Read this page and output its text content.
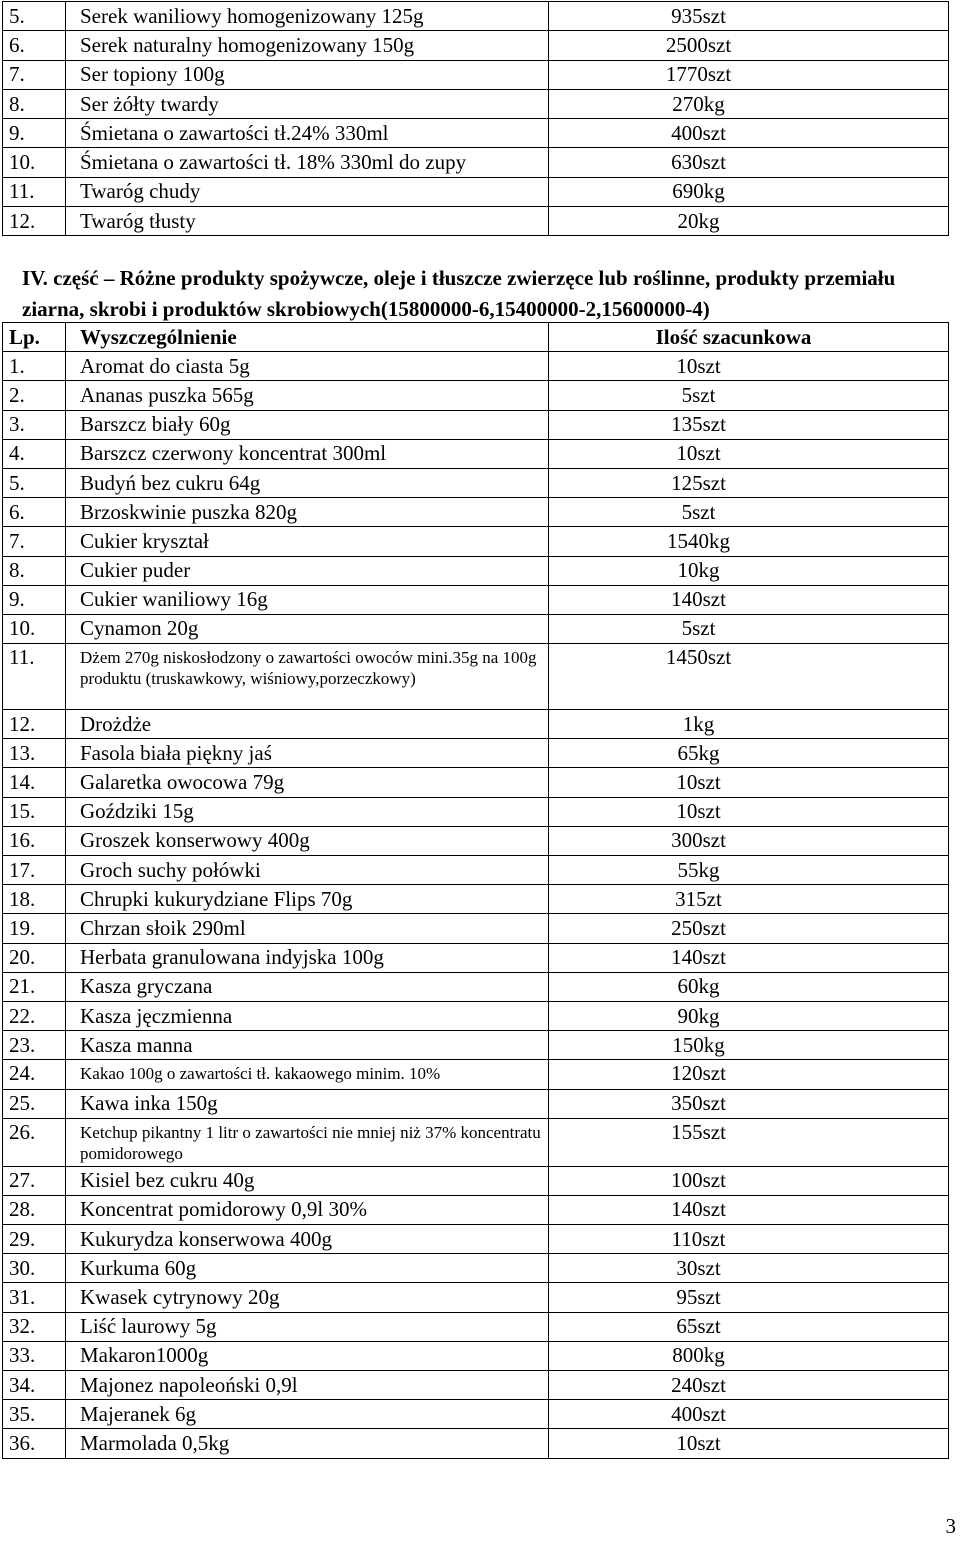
5.	Serek waniliowy homogenizowany 125g	935szt
6.	Serek naturalny homogenizowany 150g	2500szt
7.	Ser topiony 100g	1770szt
8.	Ser żółty twardy	270kg
9.	Śmietana o zawartości tł.24% 330ml	400szt
10.	Śmietana o zawartości tł. 18% 330ml do zupy	630szt
11.	Twaróg chudy	690kg
12.	Twaróg tłusty	20kg
IV. część – Różne produkty spożywcze, oleje i tłuszcze zwierzęce lub roślinne, produkty przemiału ziarna, skrobi i produktów skrobiowych(15800000-6,15400000-2,15600000-4)
Lp.	Wyszczególnienie	Ilość szacunkowa
1.	Aromat do ciasta 5g	10szt
2.	Ananas puszka 565g	5szt
3.	Barszcz biały 60g	135szt
4.	Barszcz czerwony koncentrat 300ml	10szt
5.	Budyń bez cukru 64g	125szt
6.	Brzoskwinie puszka 820g	5szt
7.	Cukier kryształ	1540kg
8.	Cukier puder	10kg
9.	Cukier waniliowy 16g	140szt
10.	Cynamon 20g	5szt
11.	Dżem 270g niskosłodzony o zawartości owoców mini.35g na 100g produktu (truskawkowy, wiśniowy,porzeczkowy)	1450szt
12.	Drożdże	1kg
13.	Fasola biała piękny jaś	65kg
14.	Galaretka owocowa 79g	10szt
15.	Goździki 15g	10szt
16.	Groszek konserwowy 400g	300szt
17.	Groch suchy połówki	55kg
18.	Chrupki kukurydziane Flips 70g	315zt
19.	Chrzan słoik 290ml	250szt
20.	Herbata granulowana indyjska 100g	140szt
21.	Kasza gryczana	60kg
22.	Kasza jęczmienna	90kg
23.	Kasza manna	150kg
24.	Kakao 100g o zawartości tł. kakaowego minim. 10%	120szt
25.	Kawa inka 150g	350szt
26.	Ketchup pikantny 1 litr o zawartości nie mniej niż 37% koncentratu pomidorowego	155szt
27.	Kisiel bez cukru 40g	100szt
28.	Koncentrat pomidorowy 0,9l 30%	140szt
29.	Kukurydza konserwowa 400g	110szt
30.	Kurkuma 60g	30szt
31.	Kwasek cytrynowy 20g	95szt
32.	Liść laurowy 5g	65szt
33.	Makaron1000g	800kg
34.	Majonez napoleoński 0,9l	240szt
35.	Majeranek 6g	400szt
36.	Marmolada 0,5kg	10szt
3
